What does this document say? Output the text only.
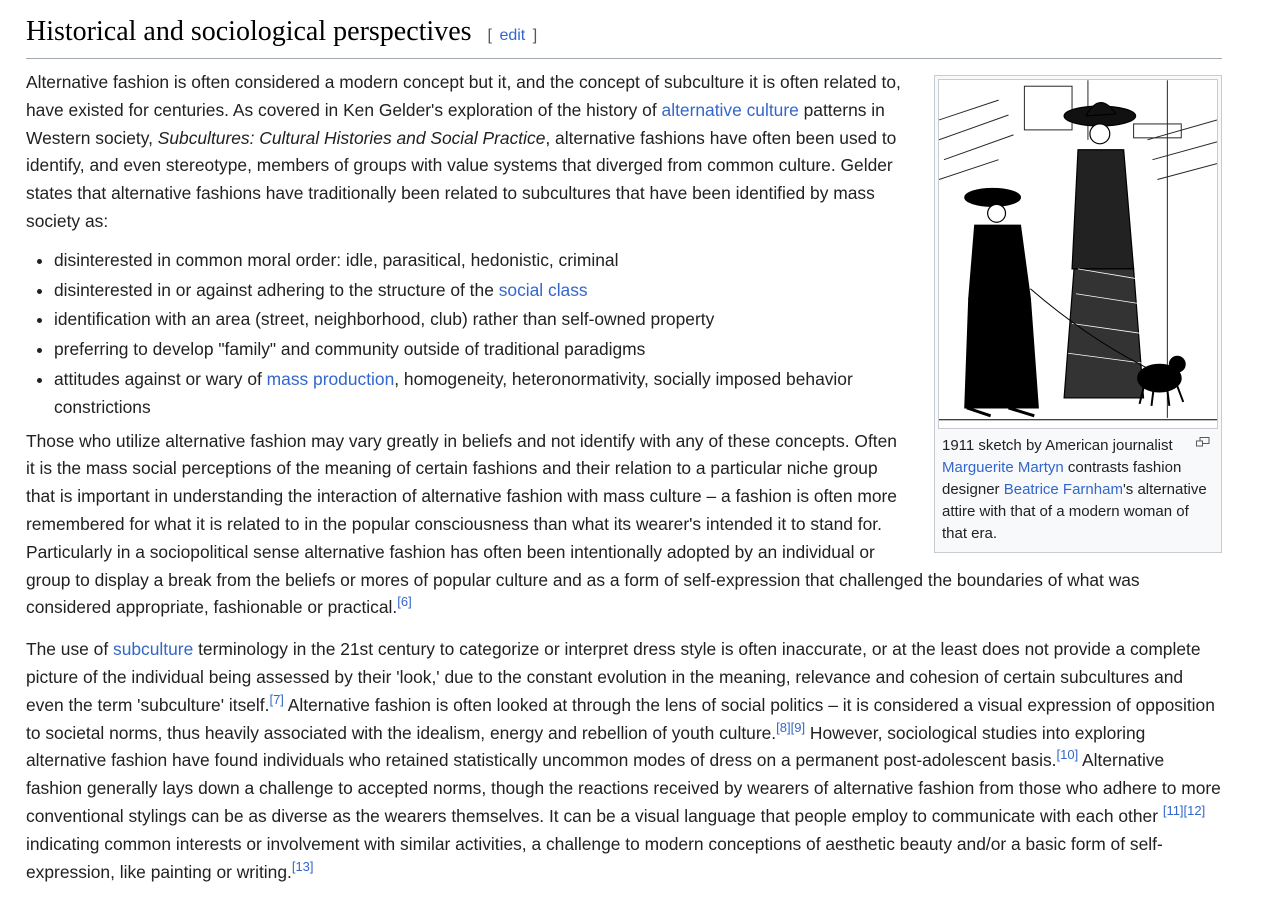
Historical and sociological perspectives [ edit ]
1911 sketch by American journalist Marguerite Martyn contrasts fashion designer Beatrice Farnham's alternative attire with that of a modern woman of that era.

Alternative fashion is often considered a modern concept but it, and the concept of subculture it is often related to, have existed for centuries. As covered in Ken Gelder's exploration of the history of alternative culture patterns in Western society, Subcultures: Cultural Histories and Social Practice, alternative fashions have often been used to identify, and even stereotype, members of groups with value systems that diverged from common culture. Gelder states that alternative fashions have traditionally been related to subcultures that have been identified by mass society as:

• disinterested in common moral order: idle, parasitical, hedonistic, criminal
• disinterested in or against adhering to the structure of the social class
• identification with an area (street, neighborhood, club) rather than self-owned property
• preferring to develop "family" and community outside of traditional paradigms
• attitudes against or wary of mass production, homogeneity, heteronormativity, socially imposed behavior constrictions

Those who utilize alternative fashion may vary greatly in beliefs and not identify with any of these concepts. Often it is the mass social perceptions of the meaning of certain fashions and their relation to a particular niche group that is important in understanding the interaction of alternative fashion with mass culture – a fashion is often more remembered for what it is related to in the popular consciousness than what its wearer's intended it to stand for. Particularly in a sociopolitical sense alternative fashion has often been intentionally adopted by an individual or group to display a break from the beliefs or mores of popular culture and as a form of self-expression that challenged the boundaries of what was considered appropriate, fashionable or practical.[6]

The use of subculture terminology in the 21st century to categorize or interpret dress style is often inaccurate, or at the least does not provide a complete picture of the individual being assessed by their 'look,' due to the constant evolution in the meaning, relevance and cohesion of certain subcultures and even the term 'subculture' itself.[7] Alternative fashion is often looked at through the lens of social politics – it is considered a visual expression of opposition to societal norms, thus heavily associated with the idealism, energy and rebellion of youth culture.[8][9] However, sociological studies into exploring alternative fashion have found individuals who retained statistically uncommon modes of dress on a permanent post-adolescent basis.[10] Alternative fashion generally lays down a challenge to accepted norms, though the reactions received by wearers of alternative fashion from those who adhere to more conventional stylings can be as diverse as the wearers themselves. It can be a visual language that people employ to communicate with each other [11][12] indicating common interests or involvement with similar activities, a challenge to modern conceptions of aesthetic beauty and/or a basic form of self-expression, like painting or writing.[13]
